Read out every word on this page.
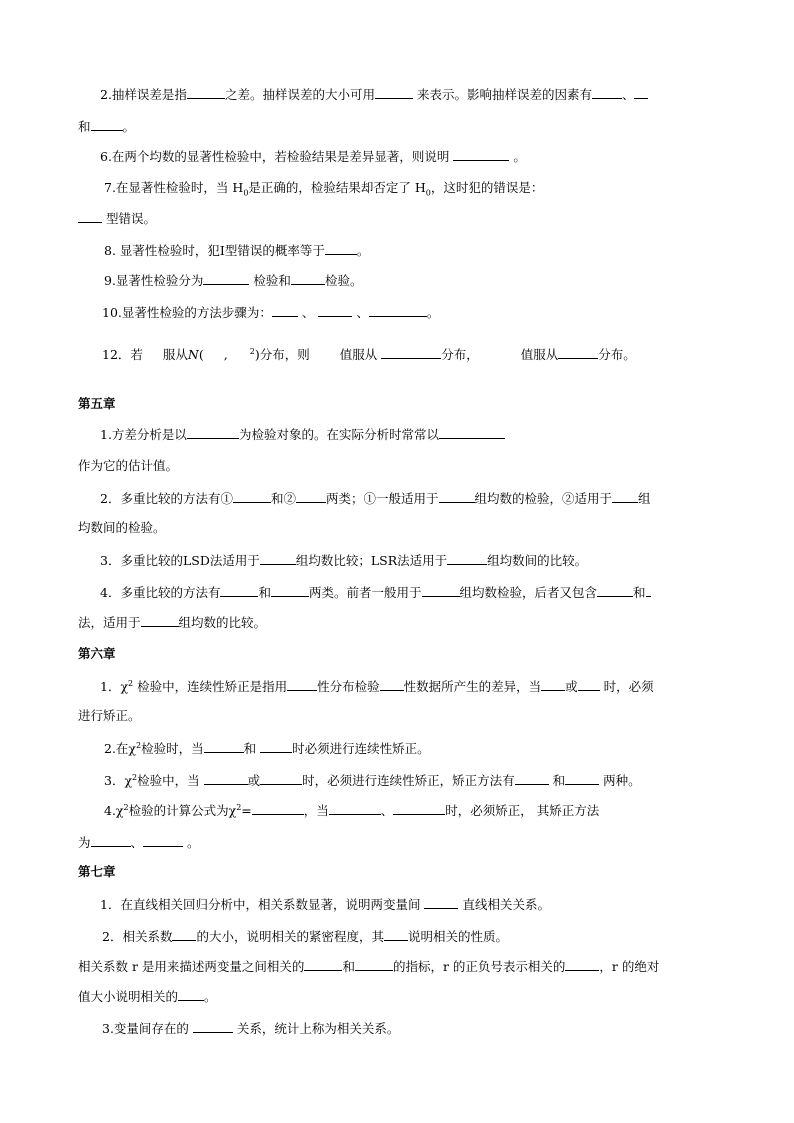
2.抽样误差是指	之差。抽样误差的大小可用	来表示。影响抽样误差的因素有 、
和	。
6.在两个均数的显著性检验中，若检验结果是差异显著，则说明	。
7.在显著性检验时，当 $H_0$是正确的，检验结果却否定了 $H_0$，这时犯的错误是：
型错误。
8. 显著性检验时，犯Ⅰ型错误的概率等于	。
9.显著性检验分为	检验和	检验。
10.显著性检验的方法步骤为： 、	、	。
12．若 服从N( ,	$^2$)分布，则 值服从	分布，	值服从	分布。
第五章
1.方差分析是以	为检验对象的。在实际分析时常常以
作为它的估计值。
2．多重比较的方法有①	和② 两类；①一般适用于	组均数的检验，②适用于 组
均数间的检验。
3．多重比较的LSD法适用于	组均数比较；LSR法适用于	组均数间的比较。
4．多重比较的方法有	和	两类。前者一般用于	组均数检验，后者又包含	和
法，适用于	组均数的比较。
第六章
1．$\chi^2$ 检验中，连续性矫正是指用 性分布检验 性数据所产生的差异，当 或 时，必须
进行矫正。
2.在$\chi^2$检验时，当	和	时必须进行连续性矫正。
3．$\chi^2$检验中，当	或	时，必须进行连续性矫正，矫正方法有	和	两种。
$4.\chi^2$检验的计算公式为$\chi^2=$	，当	、	时，必须矫正， 其矫正方法
为	、	。
第七章
1．在直线相关回归分析中，相关系数显著，说明两变量间	直线相关关系。
2．相关系数 的大小，说明相关的紧密程度，其 说明相关的性质。
相关系数 r 是用来描述两变量之间相关的	和	的指标，r 的正负号表示相关的	，r 的绝对
值大小说明相关的 。
3.变量间存在的	关系，统计上称为相关关系。
